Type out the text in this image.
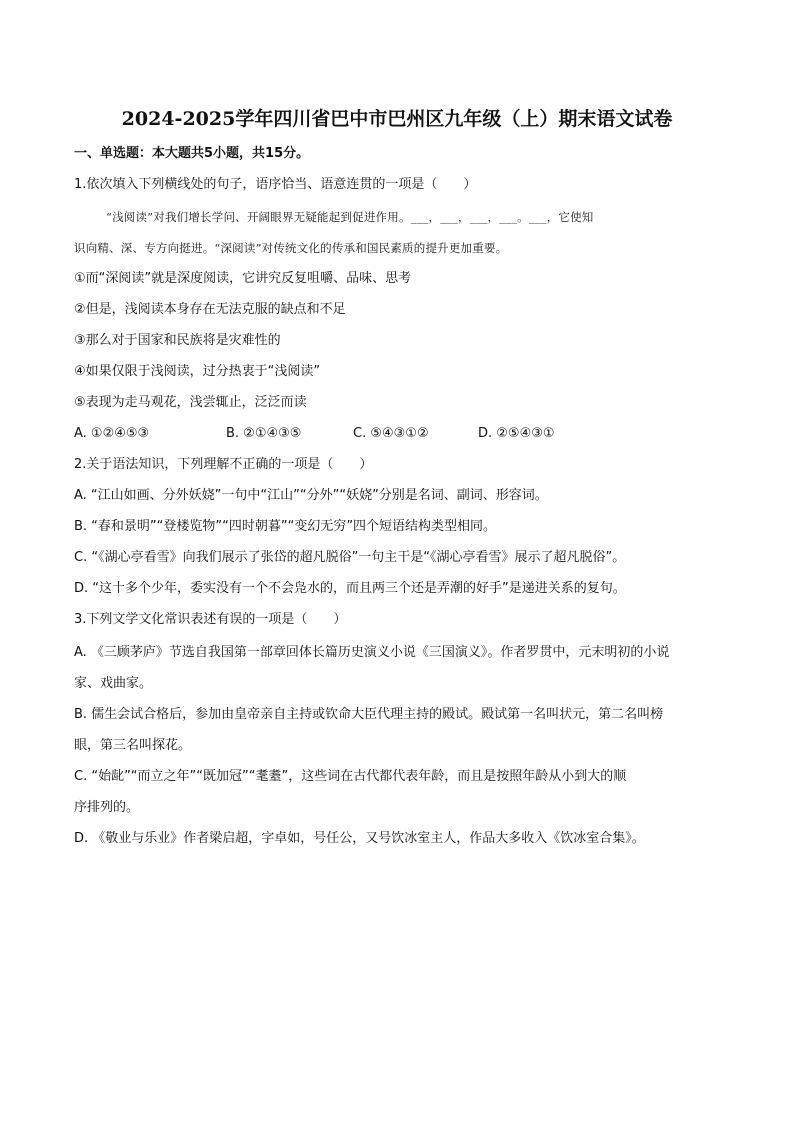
2024-2025学年四川省巴中市巴州区九年级（上）期末语文试卷
一、单选题：本大题共5小题，共15分。
1.依次填入下列横线处的句子，语序恰当、语意连贯的一项是（　　）
“浅阅读”对我们增长学问、开阔眼界无疑能起到促进作用。___，___，___，___。___，它使知
识向精、深、专方向挺进。“深阅读”对传统文化的传承和国民素质的提升更加重要。
①而“深阅读”就是深度阅读，它讲究反复咀嚼、品味、思考
②但是，浅阅读本身存在无法克服的缺点和不足
③那么对于国家和民族将是灾难性的
④如果仅限于浅阅读，过分热衷于“浅阅读”
⑤表现为走马观花，浅尝辄止，泛泛而读
A. ①②④⑤③	B. ②①④③⑤	C. ⑤④③①②	D. ②⑤④③①
2.关于语法知识，下列理解不正确的一项是（　　）
A. “江山如画、分外妖娆”一句中“江山”“分外”“妖娆”分别是名词、副词、形容词。
B. “春和景明”“登楼览物”“四时朝暮”“变幻无穷”四个短语结构类型相同。
C. “《湖心亭看雪》向我们展示了张岱的超凡脱俗”一句主干是“《湖心亭看雪》展示了超凡脱俗”。
D. “这十多个少年，委实没有一个不会凫水的，而且两三个还是弄潮的好手”是递进关系的复句。
3.下列文学文化常识表述有误的一项是（　　）
A. 《三顾茅庐》节选自我国第一部章回体长篇历史演义小说《三国演义》。作者罗贯中，元末明初的小说
家、戏曲家。
B. 儒生会试合格后，参加由皇帝亲自主持或钦命大臣代理主持的殿试。殿试第一名叫状元，第二名叫榜
眼，第三名叫探花。
C. “始龀”“而立之年”“既加冠”“耄耋”，这些词在古代都代表年龄，而且是按照年龄从小到大的顺
序排列的。
D. 《敬业与乐业》作者梁启超，字卓如，号任公，又号饮冰室主人，作品大多收入《饮冰室合集》。
